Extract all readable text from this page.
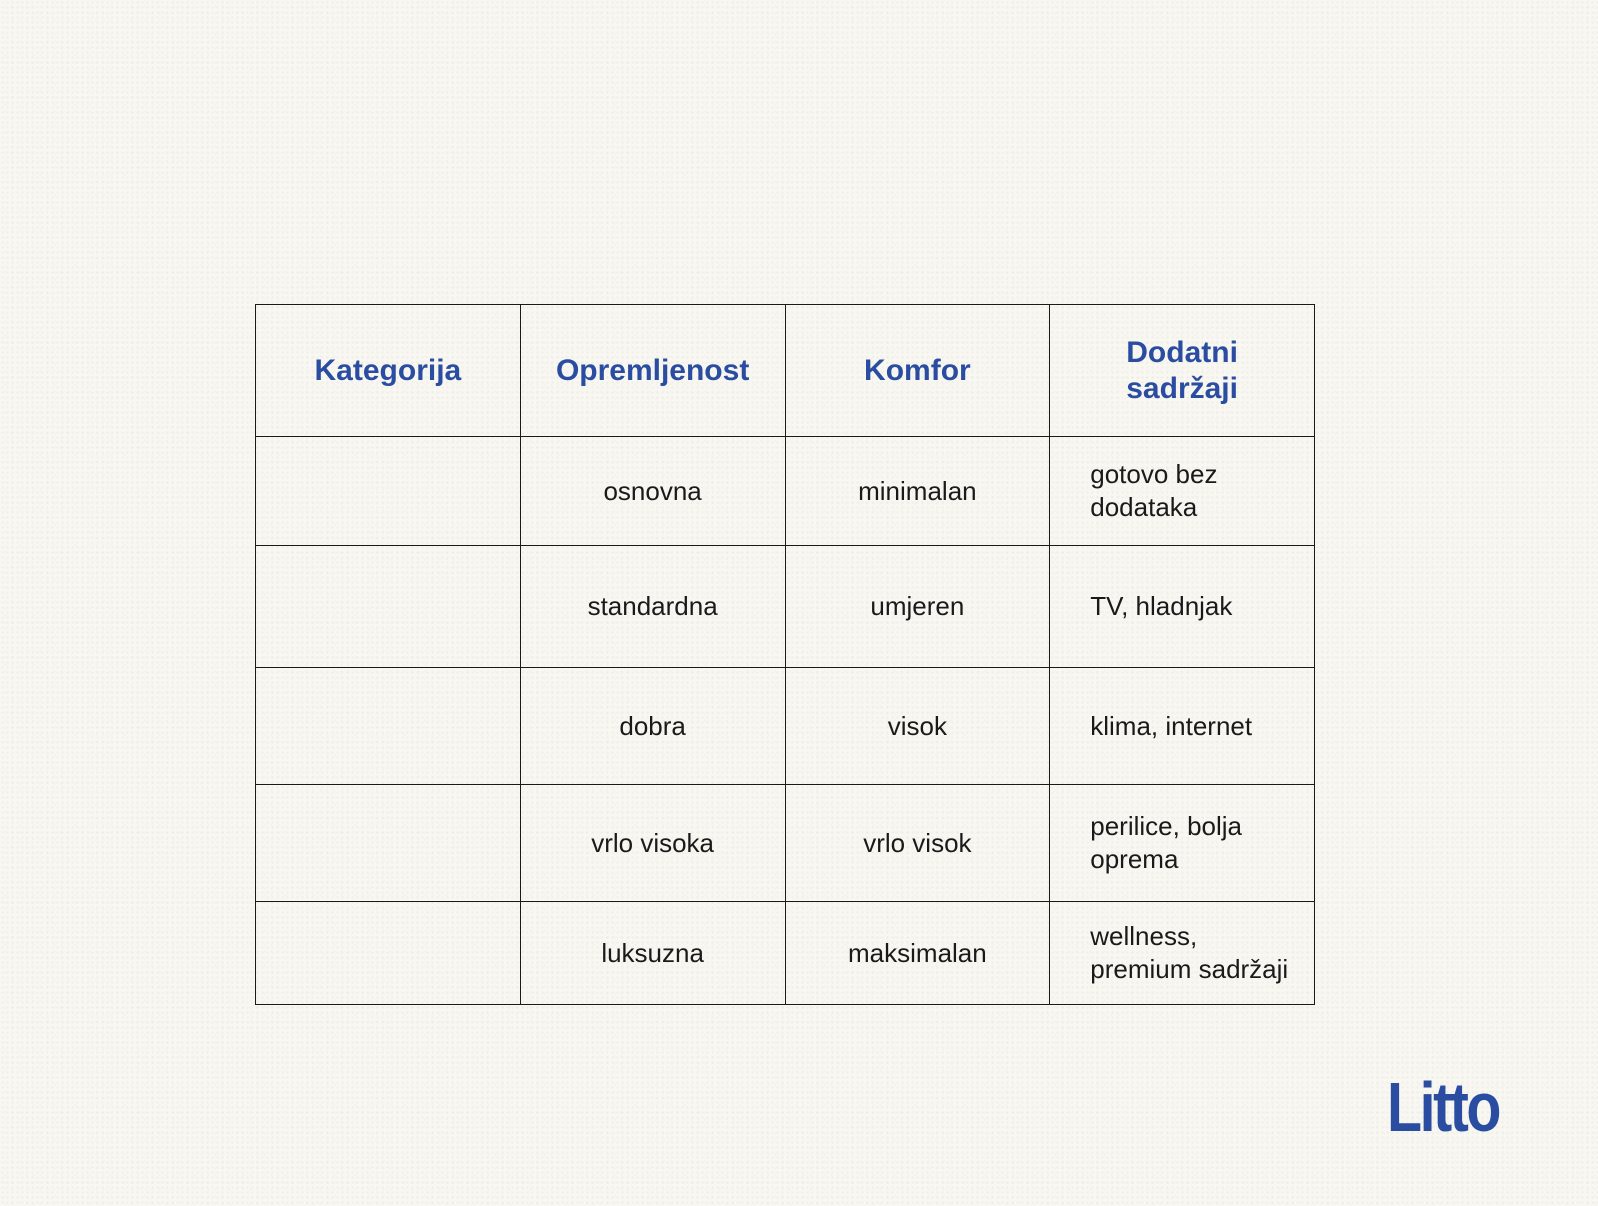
Kategorija	Opremljenost	Komfor	Dodatni
sadržaji
	osnovna	minimalan	gotovo bez dodataka
	standardna	umjeren	TV, hladnjak
	dobra	visok	klima, internet
	vrlo visoka	vrlo visok	perilice, bolja oprema
	luksuzna	maksimalan	wellness, premium sadržaji
Litto
